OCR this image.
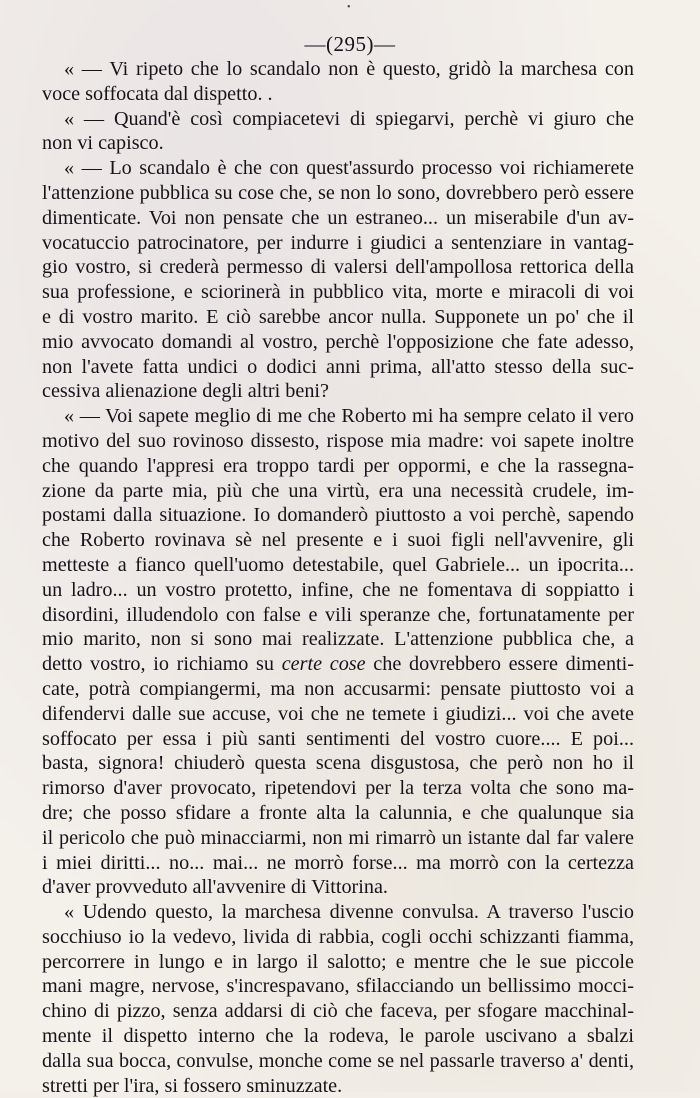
•
—(295)—
« — Vi ripeto che lo scandalo non è questo, gridò la marchesa con
voce soffocata dal dispetto. .
« — Quand'è così compiacetevi di spiegarvi, perchè vi giuro che
non vi capisco.
« — Lo scandalo è che con quest'assurdo processo voi richiamerete
l'attenzione pubblica su cose che, se non lo sono, dovrebbero però essere
dimenticate. Voi non pensate che un estraneo... un miserabile d'un av-
vocatuccio patrocinatore, per indurre i giudici a sentenziare in vantag-
gio vostro, si crederà permesso di valersi dell'ampollosa rettorica della
sua professione, e sciorinerà in pubblico vita, morte e miracoli di voi
e di vostro marito. E ciò sarebbe ancor nulla. Supponete un po' che il
mio avvocato domandi al vostro, perchè l'opposizione che fate adesso,
non l'avete fatta undici o dodici anni prima, all'atto stesso della suc-
cessiva alienazione degli altri beni?
« — Voi sapete meglio di me che Roberto mi ha sempre celato il vero
motivo del suo rovinoso dissesto, rispose mia madre: voi sapete inoltre
che quando l'appresi era troppo tardi per oppormi, e che la rassegna-
zione da parte mia, più che una virtù, era una necessità crudele, im-
postami dalla situazione. Io domanderò piuttosto a voi perchè, sapendo
che Roberto rovinava sè nel presente e i suoi figli nell'avvenire, gli
metteste a fianco quell'uomo detestabile, quel Gabriele... un ipocrita...
un ladro... un vostro protetto, infine, che ne fomentava di soppiatto i
disordini, illudendolo con false e vili speranze che, fortunatamente per
mio marito, non si sono mai realizzate. L'attenzione pubblica che, a
detto vostro, io richiamo su certe cose che dovrebbero essere dimenti-
cate, potrà compiangermi, ma non accusarmi: pensate piuttosto voi a
difendervi dalle sue accuse, voi che ne temete i giudizi... voi che avete
soffocato per essa i più santi sentimenti del vostro cuore.... E poi...
basta, signora! chiuderò questa scena disgustosa, che però non ho il
rimorso d'aver provocato, ripetendovi per la terza volta che sono ma-
dre; che posso sfidare a fronte alta la calunnia, e che qualunque sia
il pericolo che può minacciarmi, non mi rimarrò un istante dal far valere
i miei diritti... no... mai... ne morrò forse... ma morrò con la certezza
d'aver provveduto all'avvenire di Vittorina.
« Udendo questo, la marchesa divenne convulsa. A traverso l'uscio
socchiuso io la vedevo, livida di rabbia, cogli occhi schizzanti fiamma,
percorrere in lungo e in largo il salotto; e mentre che le sue piccole
mani magre, nervose, s'increspavano, sfilacciando un bellissimo mocci-
chino di pizzo, senza addarsi di ciò che faceva, per sfogare macchinal-
mente il dispetto interno che la rodeva, le parole uscivano a sbalzi
dalla sua bocca, convulse, monche come se nel passarle traverso a' denti,
stretti per l'ira, si fossero sminuzzate.
